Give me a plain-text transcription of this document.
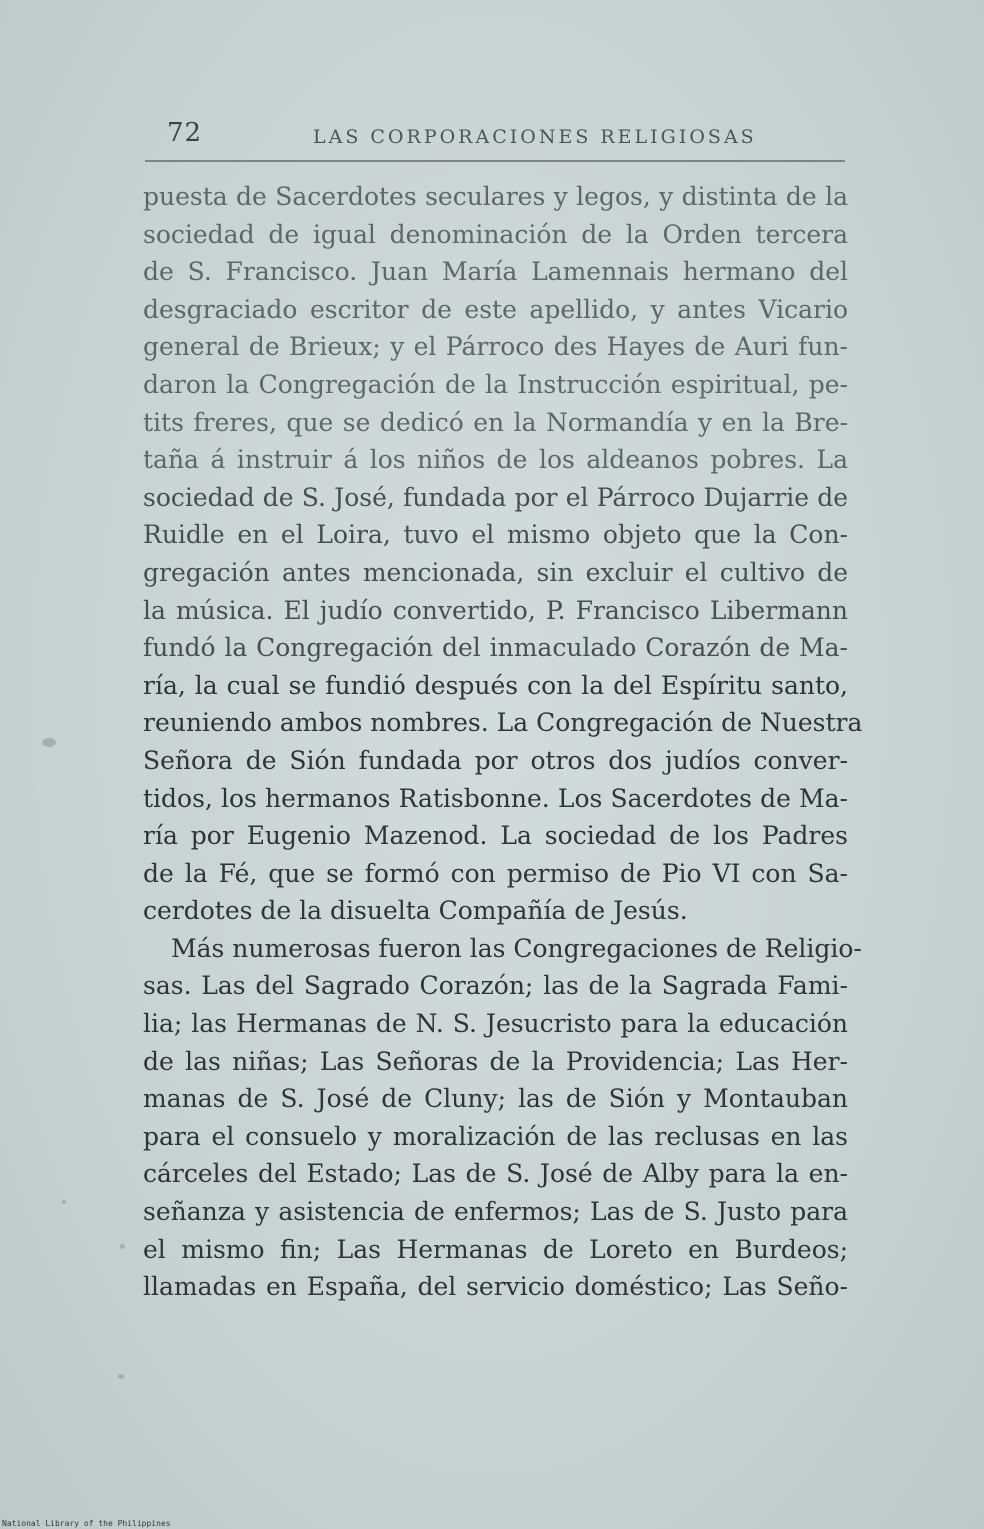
72	LAS CORPORACIONES RELIGIOSAS
puesta de Sacerdotes seculares y legos, y distinta de la
sociedad de igual denominación de la Orden tercera
de S. Francisco. Juan María Lamennais hermano del
desgraciado escritor de este apellido, y antes Vicario
general de Brieux; y el Párroco des Hayes de Auri fun-
daron la Congregación de la Instrucción espiritual, pe-
tits freres, que se dedicó en la Normandía y en la Bre-
taña á instruir á los niños de los aldeanos pobres. La
sociedad de S. José, fundada por el Párroco Dujarrie de
Ruidle en el Loira, tuvo el mismo objeto que la Con-
gregación antes mencionada, sin excluir el cultivo de
la música. El judío convertido, P. Francisco Libermann
fundó la Congregación del inmaculado Corazón de Ma-
ría, la cual se fundió después con la del Espíritu santo,
reuniendo ambos nombres. La Congregación de Nuestra
Señora de Sión fundada por otros dos judíos conver-
tidos, los hermanos Ratisbonne. Los Sacerdotes de Ma-
ría por Eugenio Mazenod. La sociedad de los Padres
de la Fé, que se formó con permiso de Pio VI con Sa-
cerdotes de la disuelta Compañía de Jesús.
Más numerosas fueron las Congregaciones de Religio-
sas. Las del Sagrado Corazón; las de la Sagrada Fami-
lia; las Hermanas de N. S. Jesucristo para la educación
de las niñas; Las Señoras de la Providencia; Las Her-
manas de S. José de Cluny; las de Sión y Montauban
para el consuelo y moralización de las reclusas en las
cárceles del Estado; Las de S. José de Alby para la en-
señanza y asistencia de enfermos; Las de S. Justo para
el mismo fin; Las Hermanas de Loreto en Burdeos;
llamadas en España, del servicio doméstico; Las Seño-
National Library of the Philippines
